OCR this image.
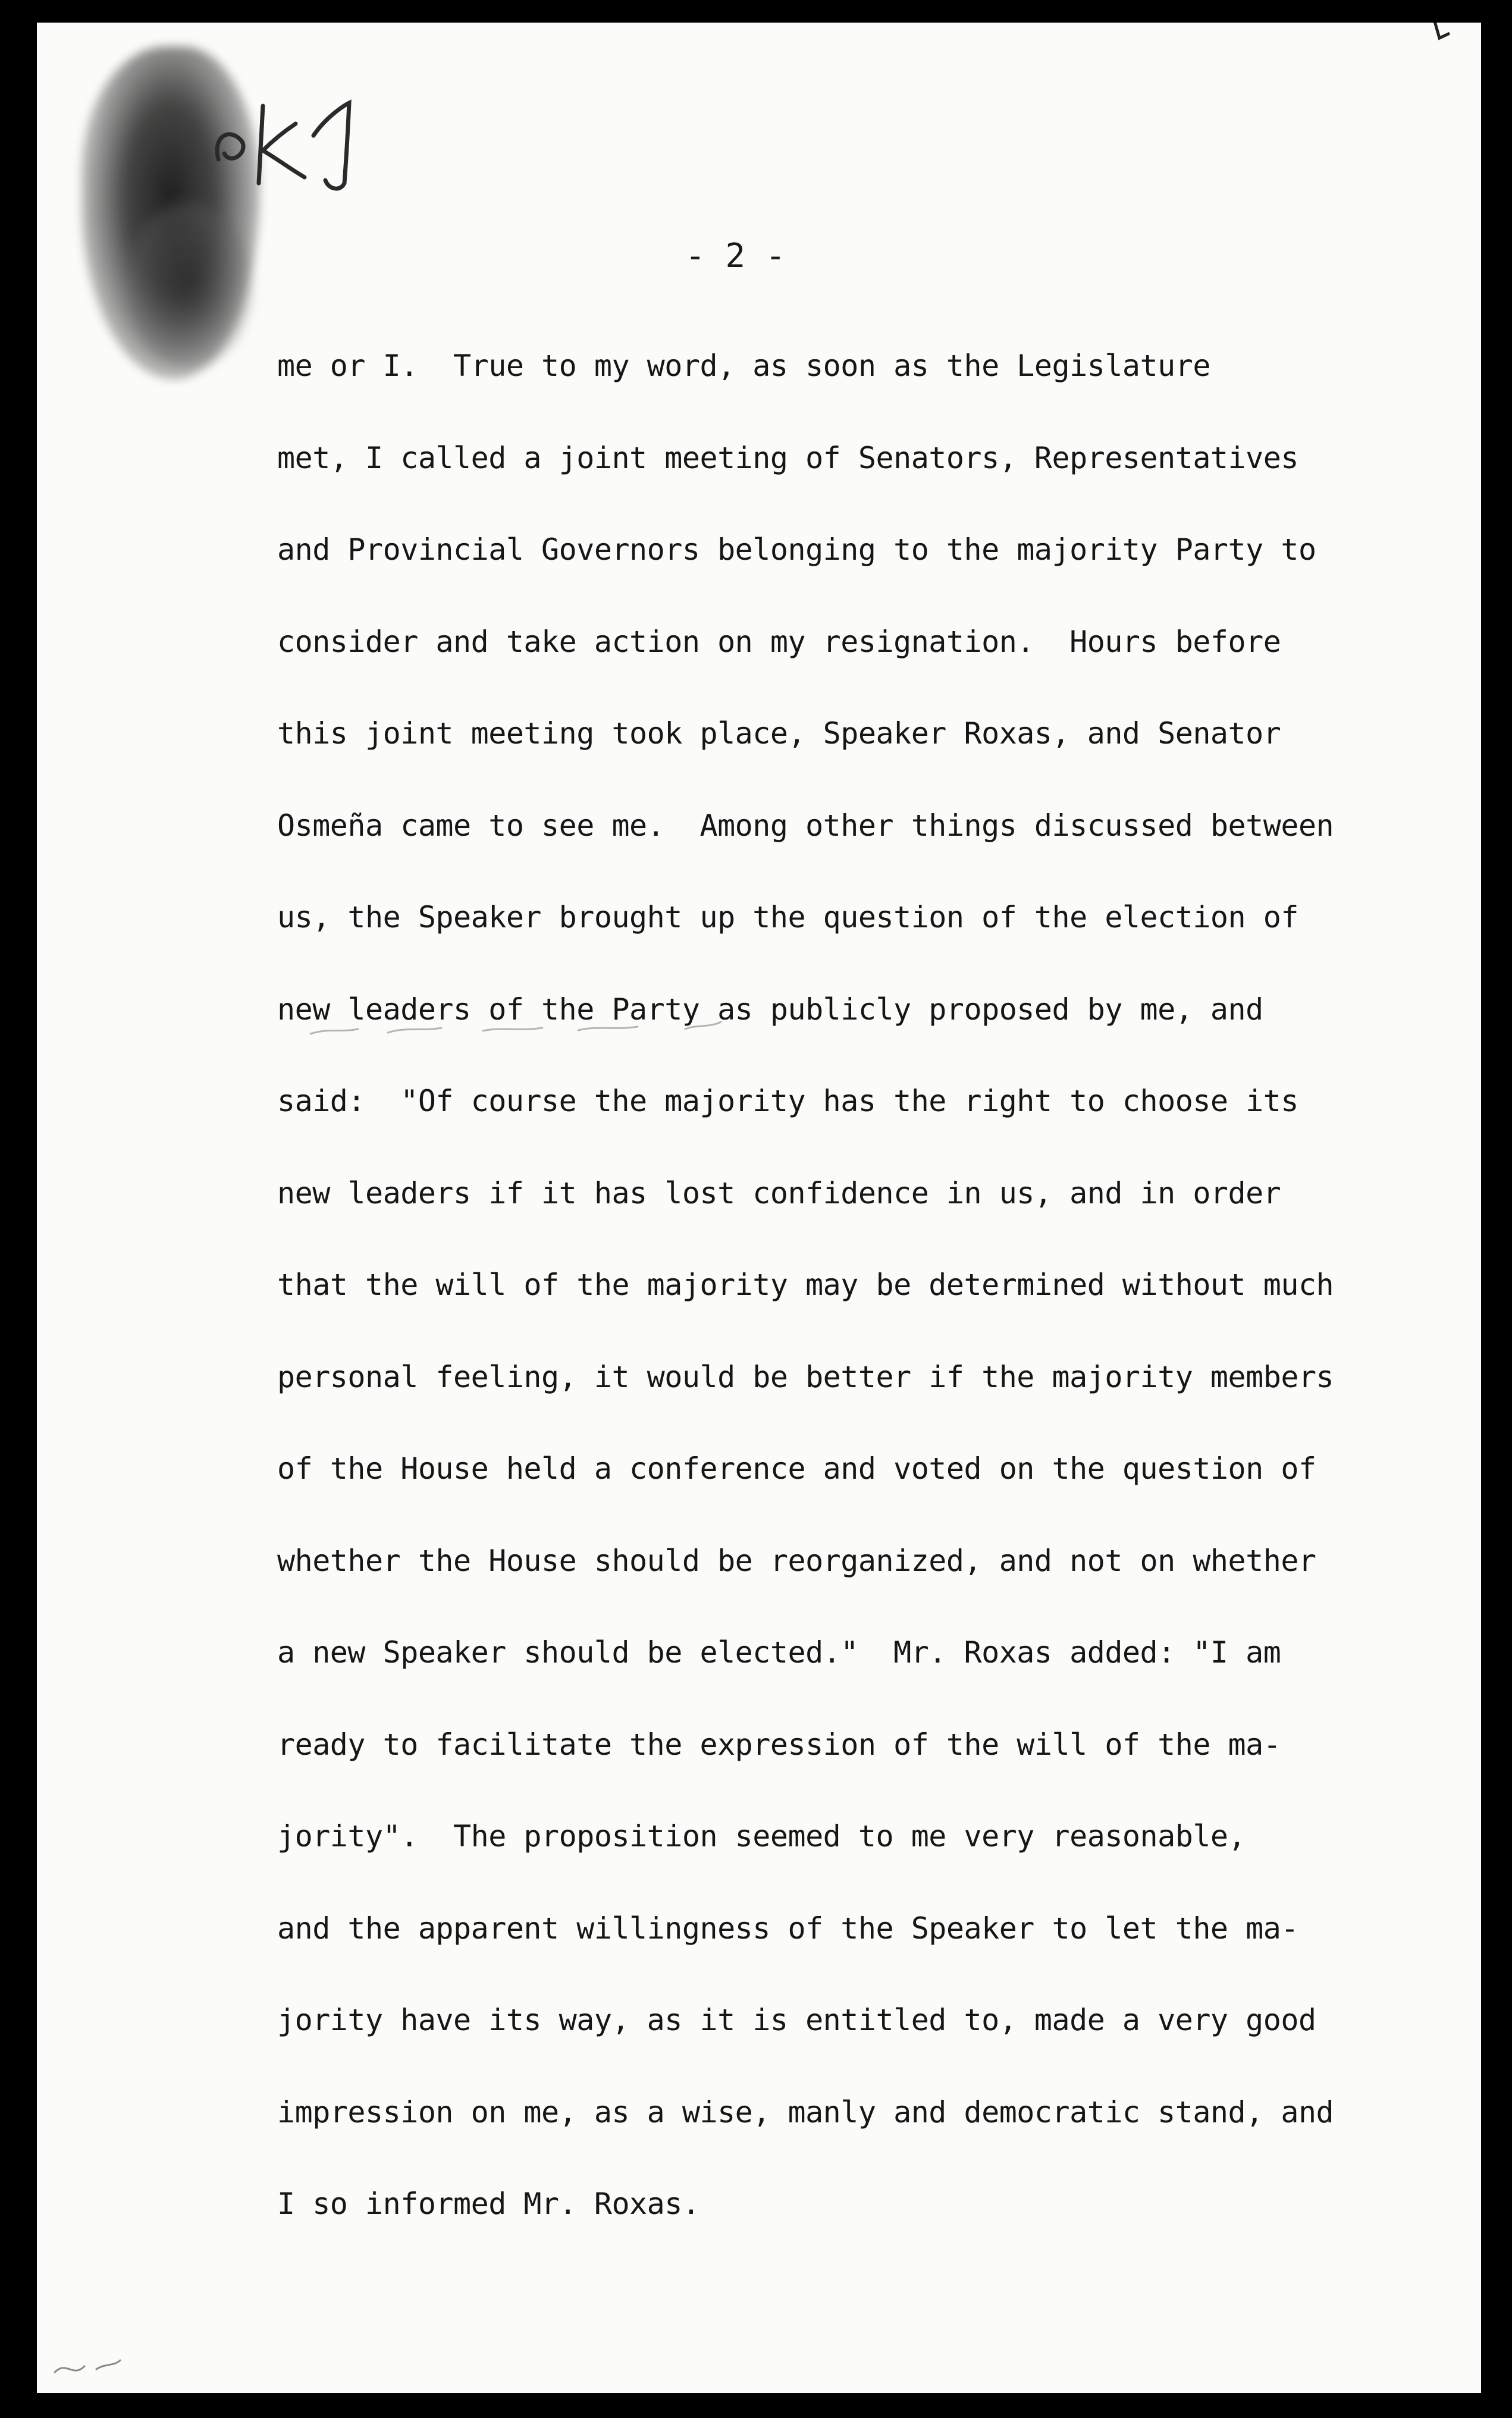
- 2 -
me or I.  True to my word, as soon as the Legislature
met, I called a joint meeting of Senators, Representatives
and Provincial Governors belonging to the majority Party to
consider and take action on my resignation.  Hours before
this joint meeting took place, Speaker Roxas, and Senator
Osmeña came to see me.  Among other things discussed between
us, the Speaker brought up the question of the election of
new leaders of the Party as publicly proposed by me, and
said:  "Of course the majority has the right to choose its
new leaders if it has lost confidence in us, and in order
that the will of the majority may be determined without much
personal feeling, it would be better if the majority members
of the House held a conference and voted on the question of
whether the House should be reorganized, and not on whether
a new Speaker should be elected."  Mr. Roxas added: "I am
ready to facilitate the expression of the will of the ma-
jority".  The proposition seemed to me very reasonable,
and the apparent willingness of the Speaker to let the ma-
jority have its way, as it is entitled to, made a very good
impression on me, as a wise, manly and democratic stand, and
I so informed Mr. Roxas.
